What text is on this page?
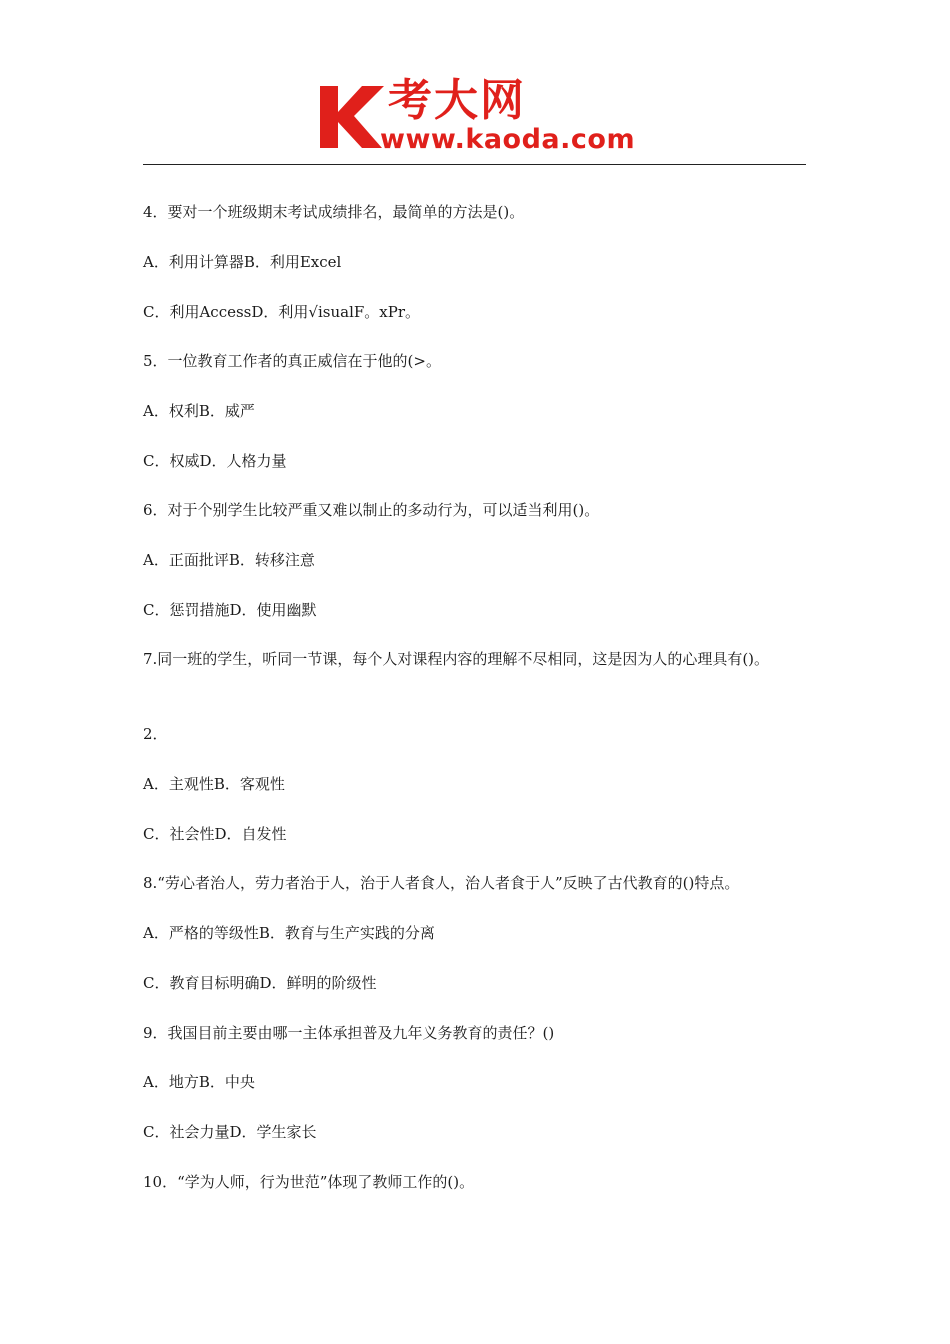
考大网
www.kaoda.com
4．要对一个班级期末考试成绩排名，最简单的方法是()。
A．利用计算器B．利用Excel
C．利用AccessD．利用√isualF。xPr。
5．一位教育工作者的真正威信在于他的(>。
A．权利B．威严
C．权威D．人格力量
6．对于个别学生比较严重又难以制止的多动行为，可以适当利用()。
A．正面批评B．转移注意
C．惩罚措施D．使用幽默
7.同一班的学生，听同一节课，每个人对课程内容的理解不尽相同，这是因为人的心理具有()。
2．
A．主观性B．客观性
C．社会性D．自发性
8.“劳心者治人，劳力者治于人，治于人者食人，治人者食于人”反映了古代教育的()特点。
A．严格的等级性B．教育与生产实践的分离
C．教育目标明确D．鲜明的阶级性
9．我国目前主要由哪一主体承担普及九年义务教育的责任？()
A．地方B．中央
C．社会力量D．学生家长
10．“学为人师，行为世范”体现了教师工作的()。
